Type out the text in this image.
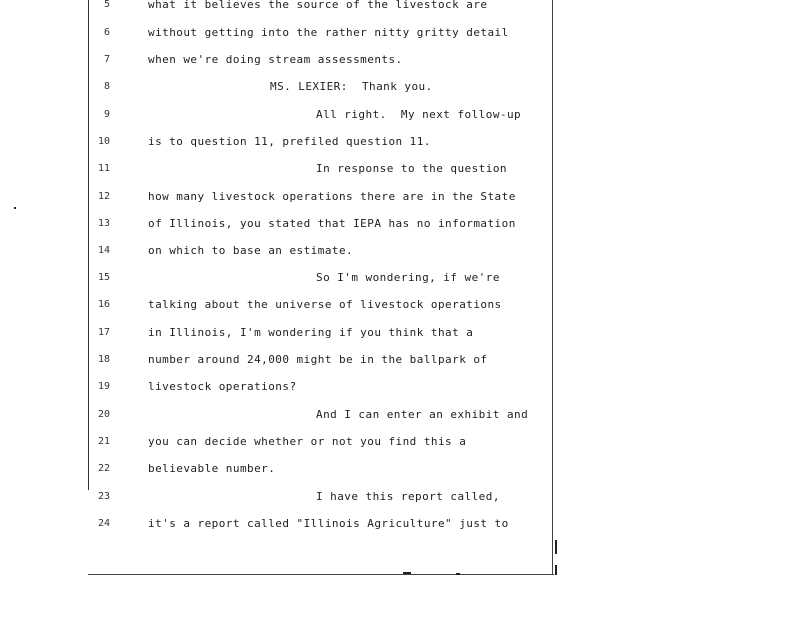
5	what it believes the source of the livestock are
6	without getting into the rather nitty gritty detail
7	when we're doing stream assessments.
8	MS. LEXIER:  Thank you.
9	All right.  My next follow-up
10	is to question 11, prefiled question 11.
11	In response to the question
12	how many livestock operations there are in the State
13	of Illinois, you stated that IEPA has no information
14	on which to base an estimate.
15	So I'm wondering, if we're
16	talking about the universe of livestock operations
17	in Illinois, I'm wondering if you think that a
18	number around 24,000 might be in the ballpark of
19	livestock operations?
20	And I can enter an exhibit and
21	you can decide whether or not you find this a
22	believable number.
23	I have this report called,
24	it's a report called "Illinois Agriculture" just to
